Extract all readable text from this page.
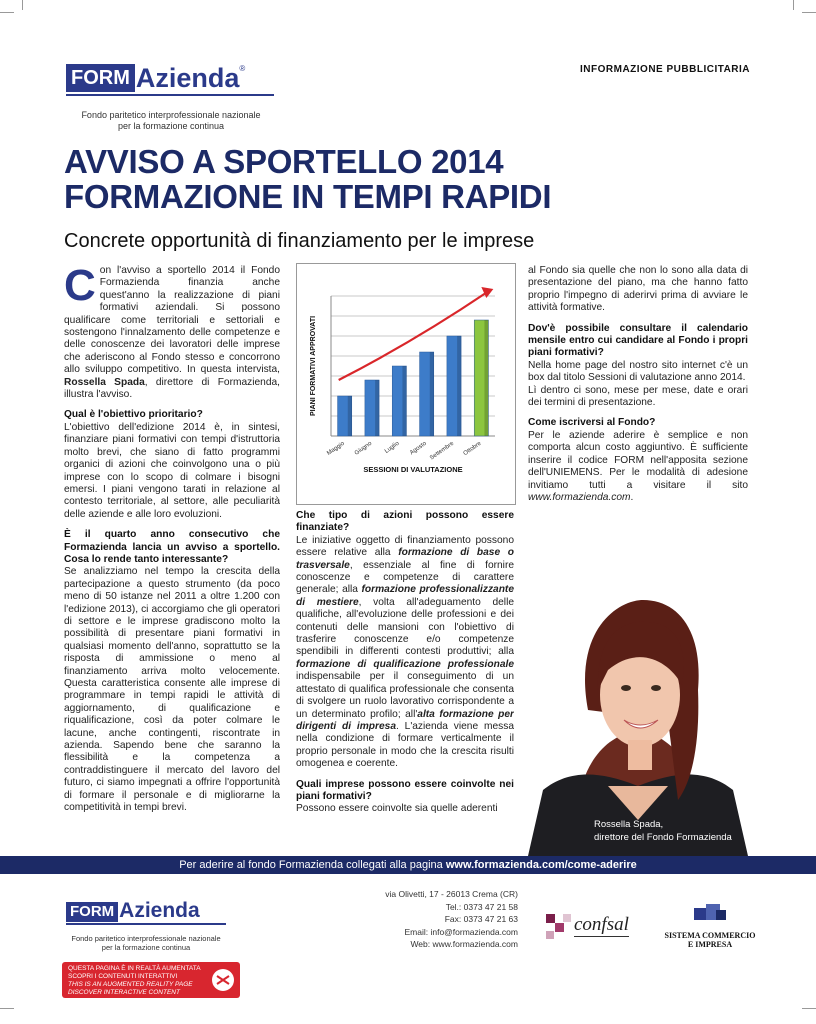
FORM Azienda ®
Fondo paritetico interprofessionale nazionale
per la formazione continua
INFORMAZIONE PUBBLICITARIA
AVVISO A SPORTELLO 2014
FORMAZIONE IN TEMPI RAPIDI
Concrete opportunità di finanziamento per le imprese

Con l'avviso a sportello 2014 il Fondo Formazienda finanzia anche quest'anno la realizzazione di piani formativi aziendali. Si possono qualificare come territoriali e settoriali e sostengono l'innalzamento delle competenze e delle conoscenze dei lavoratori delle imprese che aderiscono al Fondo stesso e concorrono allo sviluppo competitivo. In questa intervista, Rossella Spada, direttore di Formazienda, illustra l'avviso.

Qual è l'obiettivo prioritario?

L'obiettivo dell'edizione 2014 è, in sintesi, finanziare piani formativi con tempi d'istruttoria molto brevi, che siano di fatto programmi organici di azioni che coinvolgono una o più imprese con lo scopo di colmare i bisogni emersi. I piani vengono tarati in relazione al contesto territoriale, al settore, alle peculiarità delle aziende e alle loro evoluzioni.

È il quarto anno consecutivo che Formazienda lancia un avviso a sportello. Cosa lo rende tanto interessante?

Se analizziamo nel tempo la crescita della partecipazione a questo strumento (da poco meno di 50 istanze nel 2011 a oltre 1.200 con l'edizione 2013), ci accorgiamo che gli operatori di settore e le imprese gradiscono molto la possibilità di presentare piani formativi in qualsiasi momento dell'anno, soprattutto se la risposta di ammissione o meno al finanziamento arriva molto velocemente. Questa caratteristica consente alle imprese di programmare in tempi rapidi le attività di aggiornamento, di qualificazione e riqualificazione, così da poter colmare le lacune, anche contingenti, riscontrate in azienda. Sapendo bene che saranno la flessibilità e la competenza a contraddistinguere il mercato del lavoro del futuro, ci siamo impegnati a offrire l'opportunità di formare il personale e di migliorarne la competitività in tempi brevi.

Maggio Giugno Luglio Agosto Settembre Ottobre
PIANI FORMATIVI APPROVATI
SESSIONI DI VALUTAZIONE
Che tipo di azioni possono essere finanziate?

Le iniziative oggetto di finanziamento possono essere relative alla formazione di base o trasversale, essenziale al fine di fornire conoscenze e competenze di carattere generale; alla formazione professionalizzante di mestiere, volta all'adeguamento delle qualifiche, all'evoluzione delle professioni e dei contenuti delle mansioni con l'obiettivo di trasferire conoscenze e/o competenze spendibili in differenti contesti produttivi; alla formazione di qualificazione professionale indispensabile per il conseguimento di un attestato di qualifica professionale che consenta di svolgere un ruolo lavorativo corrispondente a un determinato profilo; all'alta formazione per dirigenti di impresa. L'azienda viene messa nella condizione di formare verticalmente il proprio personale in modo che la crescita risulti omogenea e coerente.

Quali imprese possono essere coinvolte nei piani formativi?

Possono essere coinvolte sia quelle aderenti

al Fondo sia quelle che non lo sono alla data di presentazione del piano, ma che hanno fatto proprio l'impegno di aderirvi prima di avviare le attività formative.

Dov'è possibile consultare il calendario mensile entro cui candidare al Fondo i propri piani formativi?

Nella home page del nostro sito internet c'è un box dal titolo Sessioni di valutazione anno 2014.

Lì dentro ci sono, mese per mese, date e orari dei termini di presentazione.

Come iscriversi al Fondo?

Per le aziende aderire è semplice e non comporta alcun costo aggiuntivo. È sufficiente inserire il codice FORM nell'apposita sezione dell'UNIEMENS. Per le modalità di adesione invitiamo tutti a visitare il sito www.formazienda.com.

Rossella Spada,
direttore del Fondo Formazienda
Per aderire al fondo Formazienda collegati alla pagina www.formazienda.com/come-aderire
FORM Azienda
Fondo paritetico interprofessionale nazionale
per la formazione continua
QUESTA PAGINA È IN REALTÀ AUMENTATA
SCOPRI I CONTENUTI INTERATTIVI
THIS IS AN AUGMENTED REALITY PAGE
DISCOVER INTERACTIVE CONTENT
via Olivetti, 17 - 26013 Crema (CR)
Tel.: 0373 47 21 58
Fax: 0373 47 21 63
Email: info@formazienda.com
Web: www.formazienda.com
confsal
SISTEMA COMMERCIO
E IMPRESA
